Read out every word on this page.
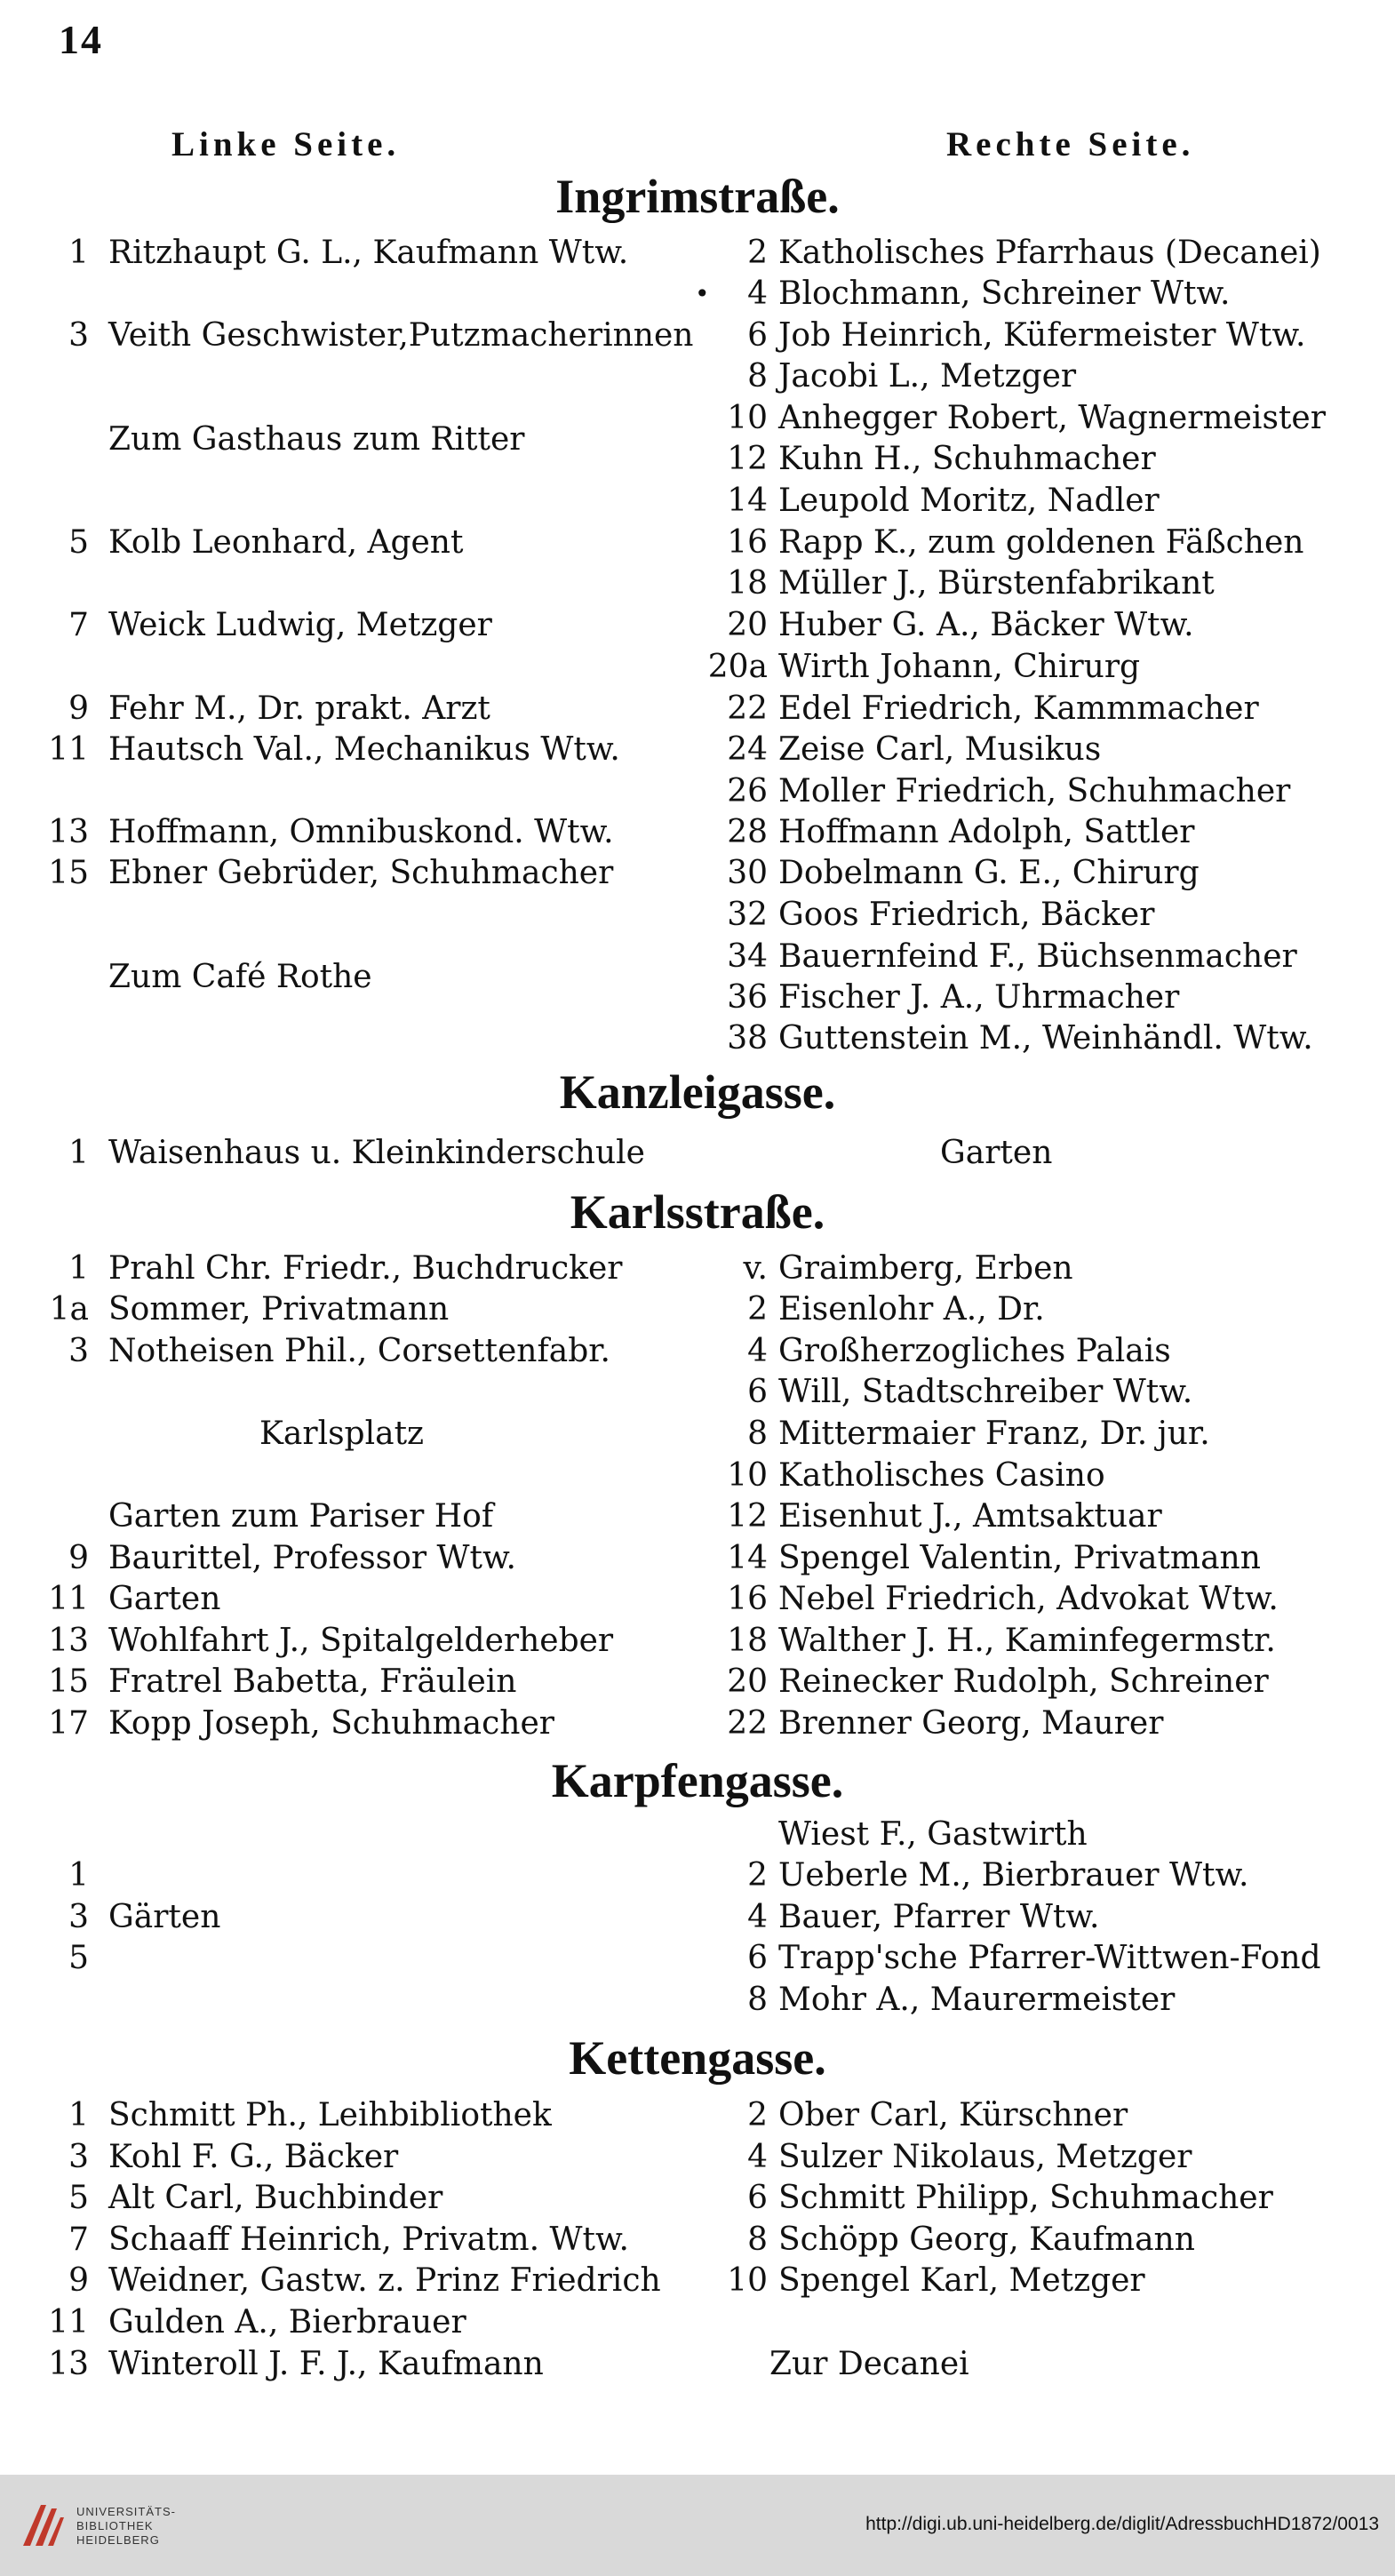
14
Linke Seite.	Rechte Seite.
Ingrimstraße.
1 Ritzhaupt G. L., Kaufmann Wtw.
3 Veith Geschwister,Putzmacherinnen
Zum Gasthaus zum Ritter
5 Kolb Leonhard, Agent
7 Weick Ludwig, Metzger
9 Fehr M., Dr. prakt. Arzt
11 Hautsch Val., Mechanikus Wtw.
13 Hoffmann, Omnibuskond. Wtw.
15 Ebner Gebrüder, Schuhmacher
Zum Café Rothe
•
2 Katholisches Pfarrhaus (Decanei)
4 Blochmann, Schreiner Wtw.
6 Job Heinrich, Küfermeister Wtw.
8 Jacobi L., Metzger
10 Anhegger Robert, Wagnermeister
12 Kuhn H., Schuhmacher
14 Leupold Moritz, Nadler
16 Rapp K., zum goldenen Fäßchen
18 Müller J., Bürstenfabrikant
20 Huber G. A., Bäcker Wtw.
20a Wirth Johann, Chirurg
22 Edel Friedrich, Kammmacher
24 Zeise Carl, Musikus
26 Moller Friedrich, Schuhmacher
28 Hoffmann Adolph, Sattler
30 Dobelmann G. E., Chirurg
32 Goos Friedrich, Bäcker
34 Bauernfeind F., Büchsenmacher
36 Fischer J. A., Uhrmacher
38 Guttenstein M., Weinhändl. Wtw.
Kanzleigasse.
1 Waisenhaus u. Kleinkinderschule	Garten
Karlsstraße.
1 Prahl Chr. Friedr., Buchdrucker
1a Sommer, Privatmann
3 Notheisen Phil., Corsettenfabr.
Karlsplatz
Garten zum Pariser Hof
9 Baurittel, Professor Wtw.
11 Garten
13 Wohlfahrt J., Spitalgelderheber
15 Fratrel Babetta, Fräulein
17 Kopp Joseph, Schuhmacher
v. Graimberg, Erben
2 Eisenlohr A., Dr.
4 Großherzogliches Palais
6 Will, Stadtschreiber Wtw.
8 Mittermaier Franz, Dr. jur.
10 Katholisches Casino
12 Eisenhut J., Amtsaktuar
14 Spengel Valentin, Privatmann
16 Nebel Friedrich, Advokat Wtw.
18 Walther J. H., Kaminfegermstr.
20 Reinecker Rudolph, Schreiner
22 Brenner Georg, Maurer
Karpfengasse.
1
3 Gärten
5
Wiest F., Gastwirth
2 Ueberle M., Bierbrauer Wtw.
4 Bauer, Pfarrer Wtw.
6 Trapp'sche Pfarrer-Wittwen-Fond
8 Mohr A., Maurermeister
Kettengasse.
1 Schmitt Ph., Leihbibliothek
3 Kohl F. G., Bäcker
5 Alt Carl, Buchbinder
7 Schaaff Heinrich, Privatm. Wtw.
9 Weidner, Gastw. z. Prinz Friedrich
11 Gulden A., Bierbrauer
13 Winteroll J. F. J., Kaufmann
2 Ober Carl, Kürschner
4 Sulzer Nikolaus, Metzger
6 Schmitt Philipp, Schuhmacher
8 Schöpp Georg, Kaufmann
10 Spengel Karl, Metzger
Zur Decanei
UNIVERSITÄTS-
BIBLIOTHEK
HEIDELBERG
http://digi.ub.uni-heidelberg.de/diglit/AdressbuchHD1872/0013
